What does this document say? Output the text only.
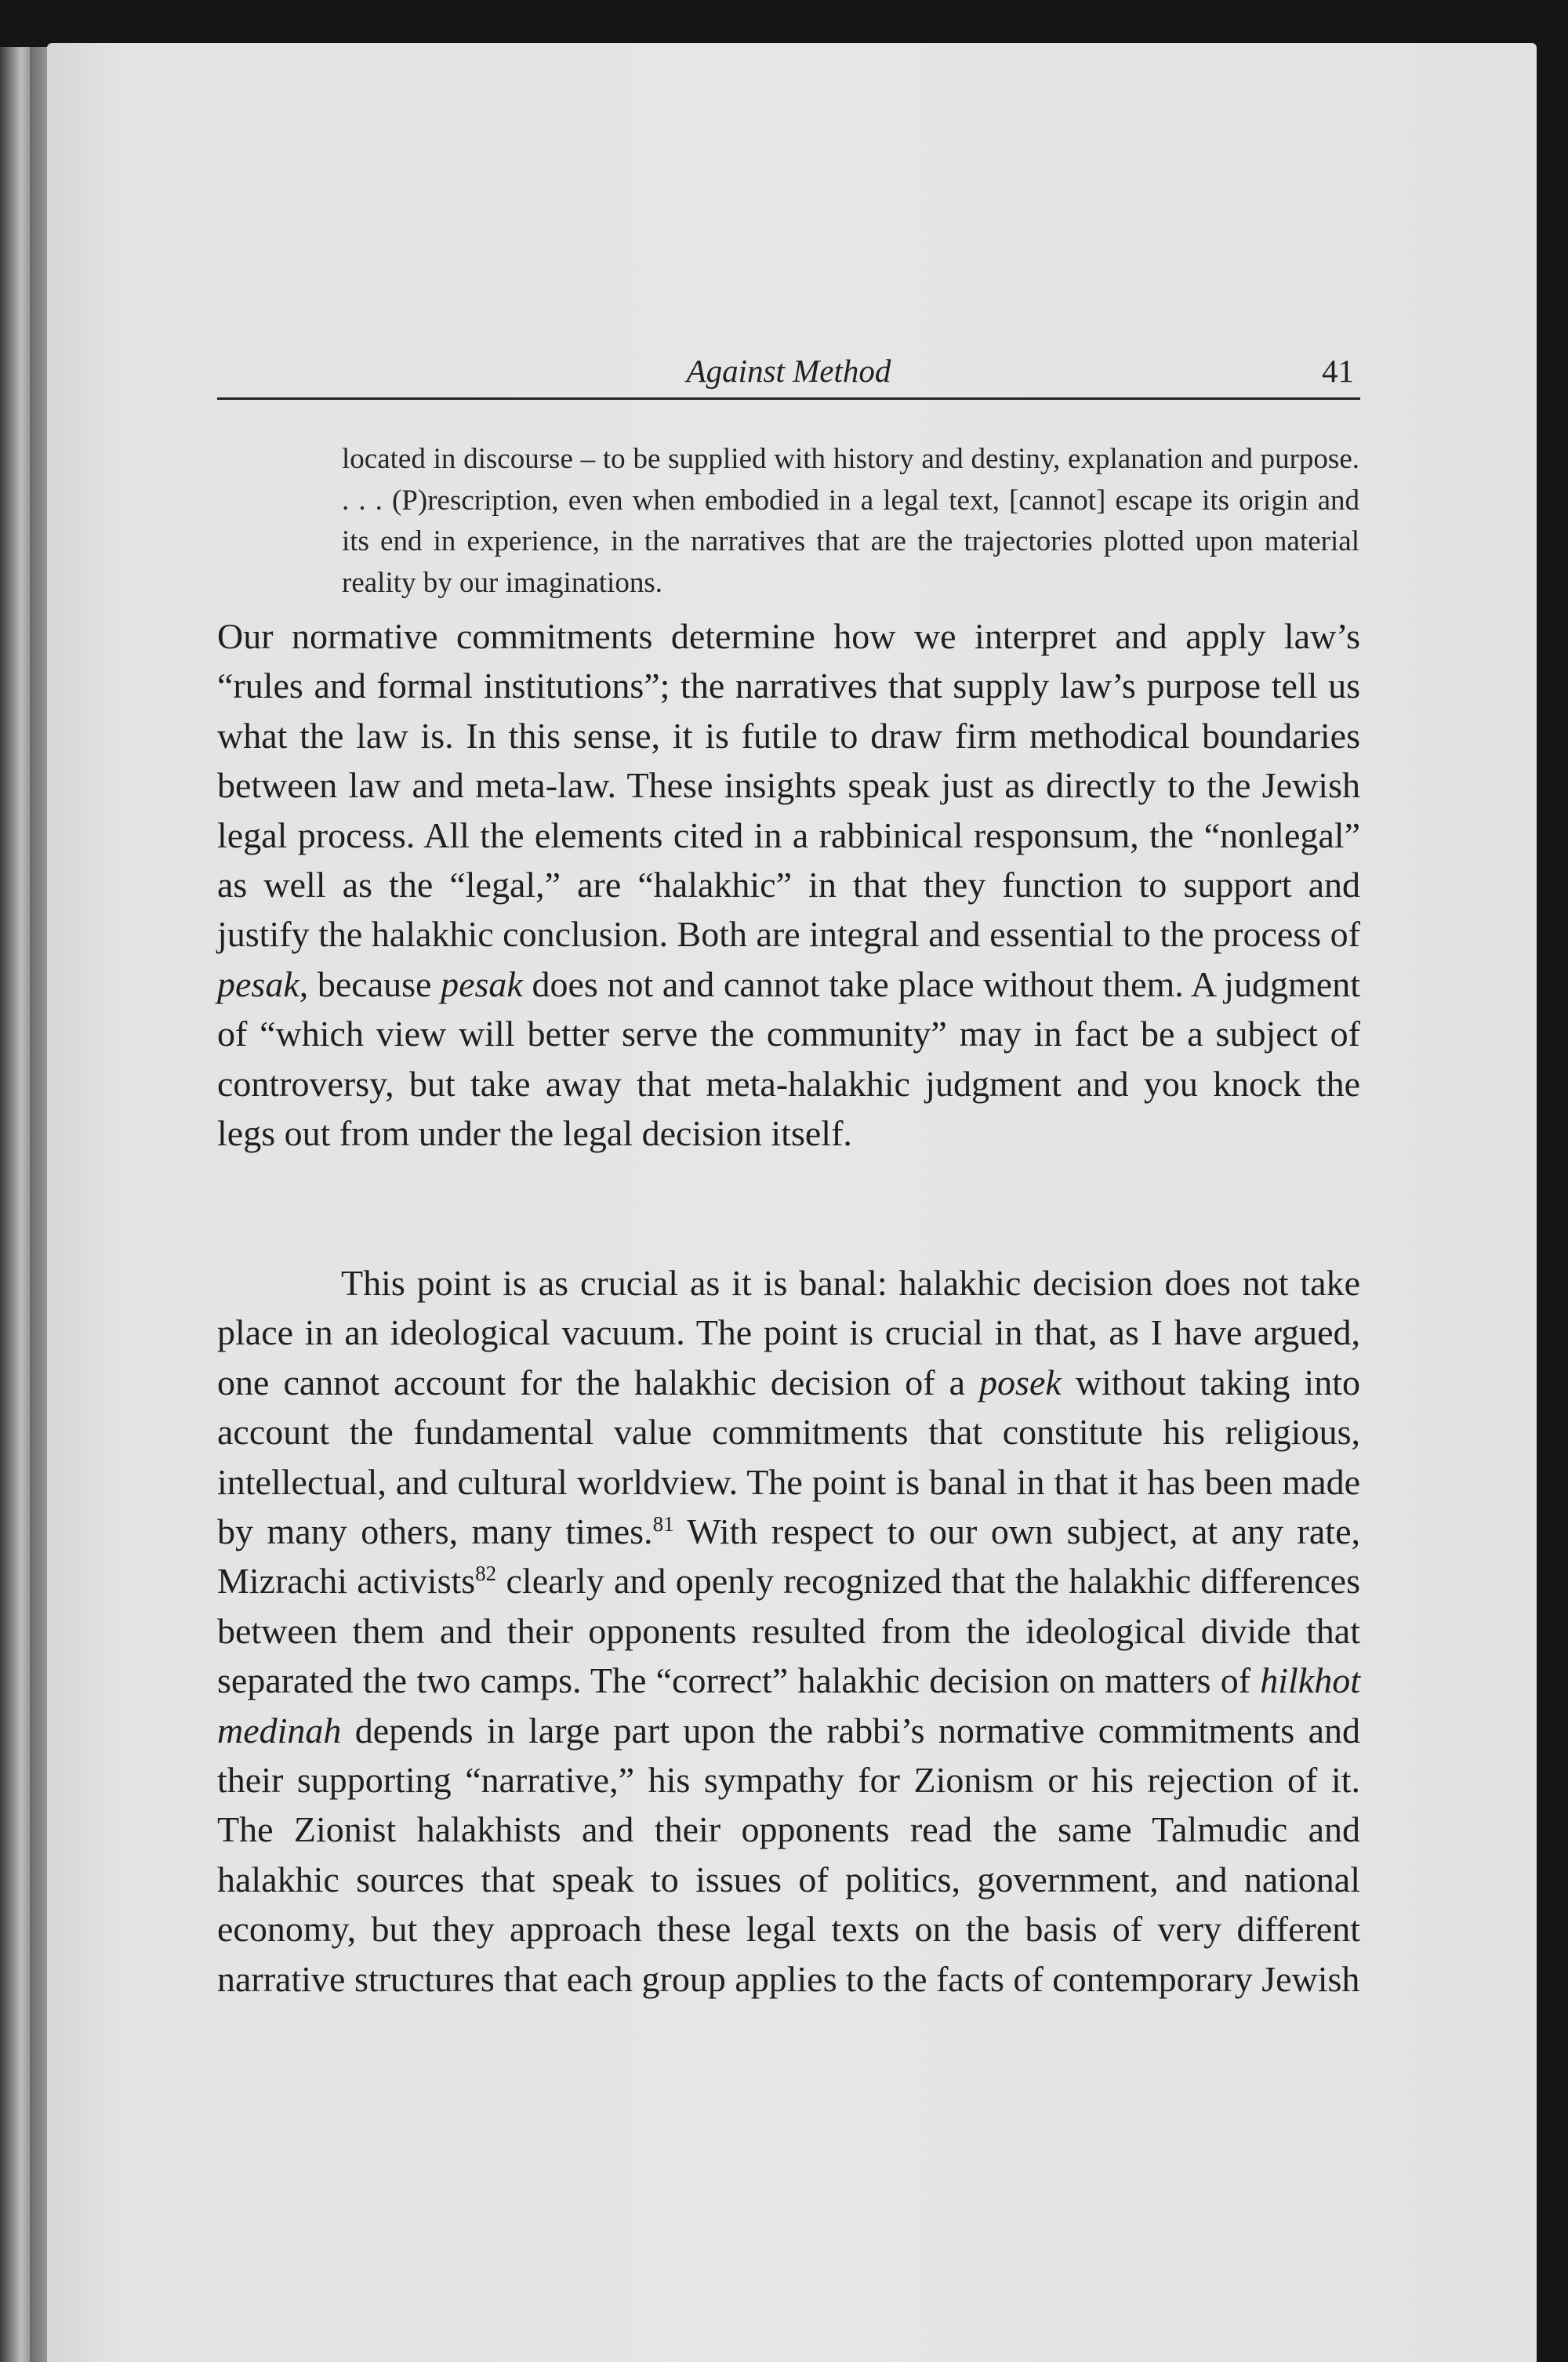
Against Method	41

located in discourse – to be supplied with history and destiny, explanation and purpose. . . . (P)rescription, even when embodied in a legal text, [cannot] escape its origin and its end in experience, in the narratives that are the trajectories plotted upon material reality by our imaginations.

Our normative commitments determine how we interpret and apply law’s “rules and formal institutions”; the narratives that supply law’s purpose tell us what the law is. In this sense, it is futile to draw firm methodical boundaries between law and meta-law. These insights speak just as directly to the Jewish legal process. All the elements cited in a rabbinical responsum, the “nonlegal” as well as the “legal,” are “halakhic” in that they function to support and justify the halakhic conclusion. Both are integral and essential to the process of pesak, because pesak does not and cannot take place without them. A judgment of “which view will better serve the community” may in fact be a subject of controversy, but take away that meta-halakhic judgment and you knock the legs out from under the legal decision itself.

This point is as crucial as it is banal: halakhic decision does not take place in an ideological vacuum. The point is crucial in that, as I have argued, one cannot account for the halakhic decision of a posek without taking into account the fundamental value commitments that constitute his religious, intellectual, and cultural worldview. The point is banal in that it has been made by many others, many times.$^{81}$ With respect to our own subject, at any rate, Mizrachi activists$^{82}$ clearly and openly recognized that the halakhic differences between them and their opponents resulted from the ideological divide that separated the two camps. The “correct” halakhic decision on matters of hilkhot medinah depends in large part upon the rabbi’s normative commitments and their supporting “narrative,” his sympathy for Zionism or his rejection of it. The Zionist halakhists and their opponents read the same Talmudic and halakhic sources that speak to issues of politics, government, and national economy, but they approach these legal texts on the basis of very different narrative structures that each group applies to the facts of contemporary Jewish
